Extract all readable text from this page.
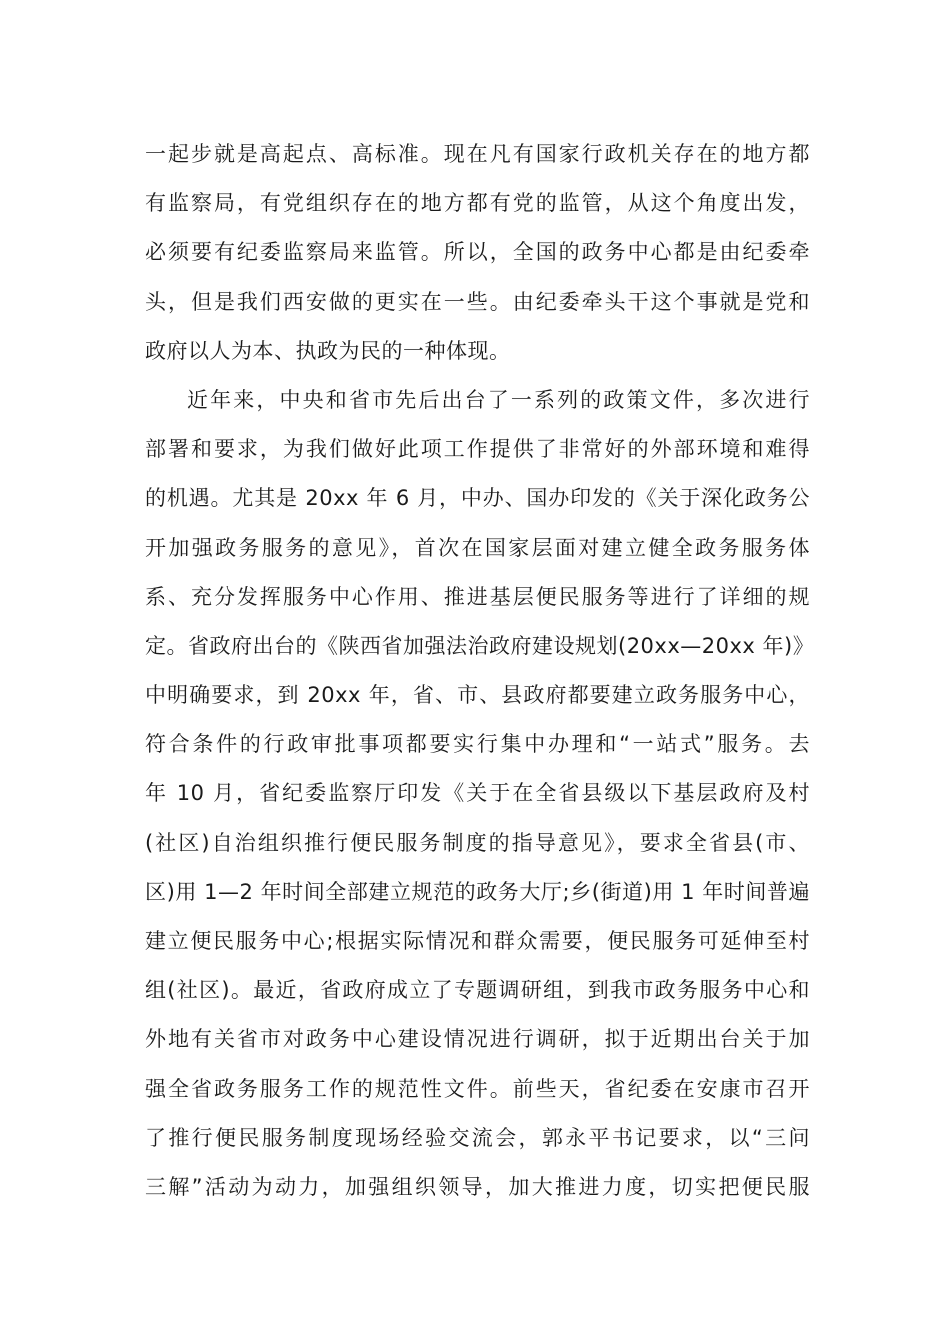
一起步就是高起点、高标准。现在凡有国家行政机关存在的地方都
有监察局，有党组织存在的地方都有党的监管，从这个角度出发，
必须要有纪委监察局来监管。所以，全国的政务中心都是由纪委牵
头，但是我们西安做的更实在一些。由纪委牵头干这个事就是党和
政府以人为本、执政为民的一种体现。
近年来，中央和省市先后出台了一系列的政策文件，多次进行
部署和要求，为我们做好此项工作提供了非常好的外部环境和难得
的机遇。尤其是 20xx 年 6 月，中办、国办印发的《关于深化政务公
开加强政务服务的意见》，首次在国家层面对建立健全政务服务体
系、充分发挥服务中心作用、推进基层便民服务等进行了详细的规
定。省政府出台的《陕西省加强法治政府建设规划(20xx—20xx 年)》
中明确要求，到 20xx 年，省、市、县政府都要建立政务服务中心，
符合条件的行政审批事项都要实行集中办理和“一站式”服务。去
年 10 月，省纪委监察厅印发《关于在全省县级以下基层政府及村
(社区)自治组织推行便民服务制度的指导意见》，要求全省县(市、
区)用 1—2 年时间全部建立规范的政务大厅;乡(街道)用 1 年时间普遍
建立便民服务中心;根据实际情况和群众需要，便民服务可延伸至村
组(社区)。最近，省政府成立了专题调研组，到我市政务服务中心和
外地有关省市对政务中心建设情况进行调研，拟于近期出台关于加
强全省政务服务工作的规范性文件。前些天，省纪委在安康市召开
了推行便民服务制度现场经验交流会，郭永平书记要求，以“三问
三解”活动为动力，加强组织领导，加大推进力度，切实把便民服
